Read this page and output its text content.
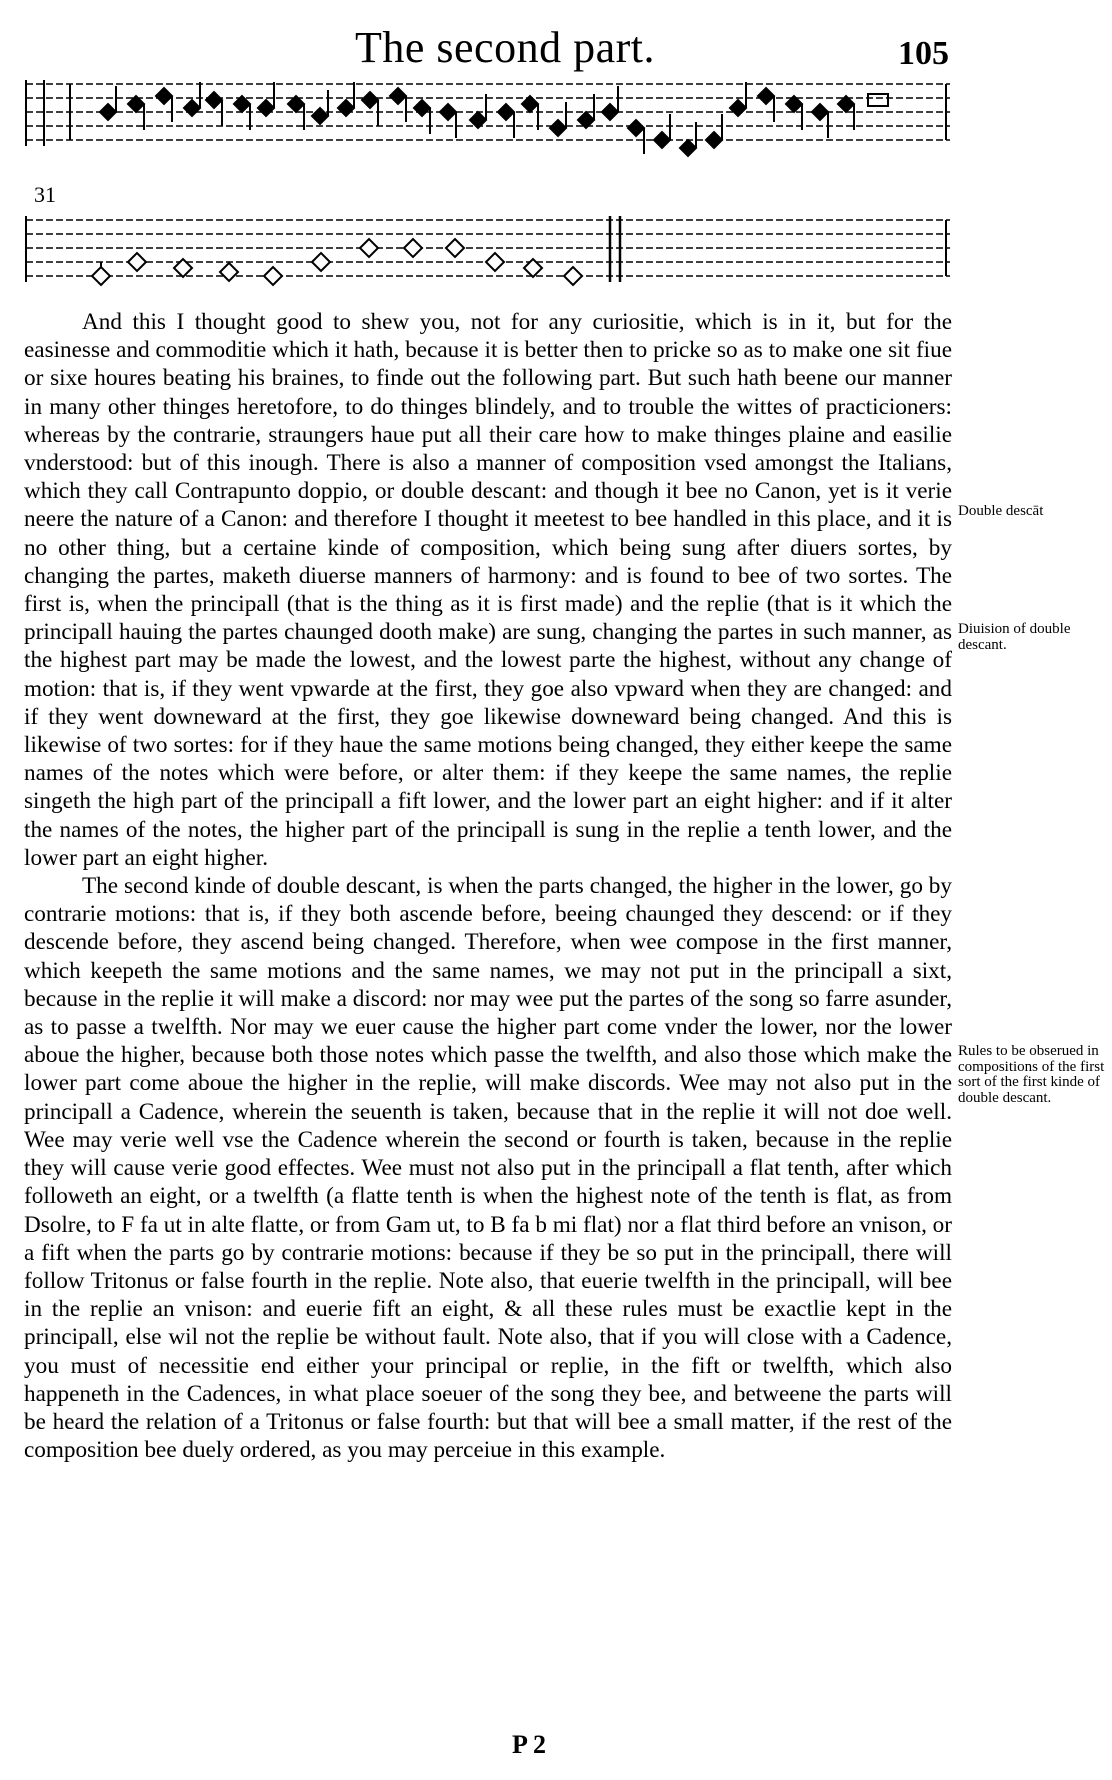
The second part.	105
31

And this I thought good to shew you, not for any curiositie, which is in it, but for the easinesse and commoditie which it hath, because it is better then to pricke so as to make one sit fiue or sixe houres beating his braines, to finde out the following part. But such hath beene our manner in many other thinges heretofore, to do thinges blindely, and to trouble the wittes of practicioners: whereas by the contrarie, straungers haue put all their care how to make thinges plaine and easilie vnderstood: but of this inough. There is also a manner of composition vsed amongst the Italians, which they call Contrapunto doppio, or double descant: and though it bee no Canon, yet is it verie neere the nature of a Canon: and therefore I thought it meetest to bee handled in this place, and it is no other thing, but a certaine kinde of composition, which being sung after diuers sortes, by changing the partes, maketh diuerse manners of harmony: and is found to bee of two sortes. The first is, when the principall (that is the thing as it is first made) and the replie (that is it which the principall hauing the partes chaunged dooth make) are sung, changing the partes in such manner, as the highest part may be made the lowest, and the lowest parte the highest, without any change of motion: that is, if they went vpwarde at the first, they goe also vpward when they are changed: and if they went downeward at the first, they goe likewise downeward being changed. And this is likewise of two sortes: for if they haue the same motions being changed, they either keepe the same names of the notes which were before, or alter them: if they keepe the same names, the replie singeth the high part of the principall a fift lower, and the lower part an eight higher: and if it alter the names of the notes, the higher part of the principall is sung in the replie a tenth lower, and the lower part an eight higher.

The second kinde of double descant, is when the parts changed, the higher in the lower, go by contrarie motions: that is, if they both ascende before, beeing chaunged they descend: or if they descende before, they ascend being changed. Therefore, when wee compose in the first manner, which keepeth the same motions and the same names, we may not put in the principall a sixt, because in the replie it will make a discord: nor may wee put the partes of the song so farre asunder, as to passe a twelfth. Nor may we euer cause the higher part come vnder the lower, nor the lower aboue the higher, because both those notes which passe the twelfth, and also those which make the lower part come aboue the higher in the replie, will make discords. Wee may not also put in the principall a Cadence, wherein the seuenth is taken, because that in the replie it will not doe well. Wee may verie well vse the Cadence wherein the second or fourth is taken, because in the replie they will cause verie good effectes. Wee must not also put in the principall a flat tenth, after which followeth an eight, or a twelfth (a flatte tenth is when the highest note of the tenth is flat, as from Dsolre, to F fa ut in alte flatte, or from Gam ut, to B fa b mi flat) nor a flat third before an vnison, or a fift when the parts go by contrarie motions: because if they be so put in the principall, there will follow Tritonus or false fourth in the replie. Note also, that euerie twelfth in the principall, will bee in the replie an vnison: and euerie fift an eight, & all these rules must be exactlie kept in the principall, else wil not the replie be without fault. Note also, that if you will close with a Cadence, you must of necessitie end either your principal or replie, in the fift or twelfth, which also happeneth in the Cadences, in what place soeuer of the song they bee, and betweene the parts will be heard the relation of a Tritonus or false fourth: but that will bee a small matter, if the rest of the composition bee duely ordered, as you may perceiue in this example.

Double descāt
Diuision of double descant.
Rules to be obserued in compositions of the first sort of the first kinde of double descant.
P 2
